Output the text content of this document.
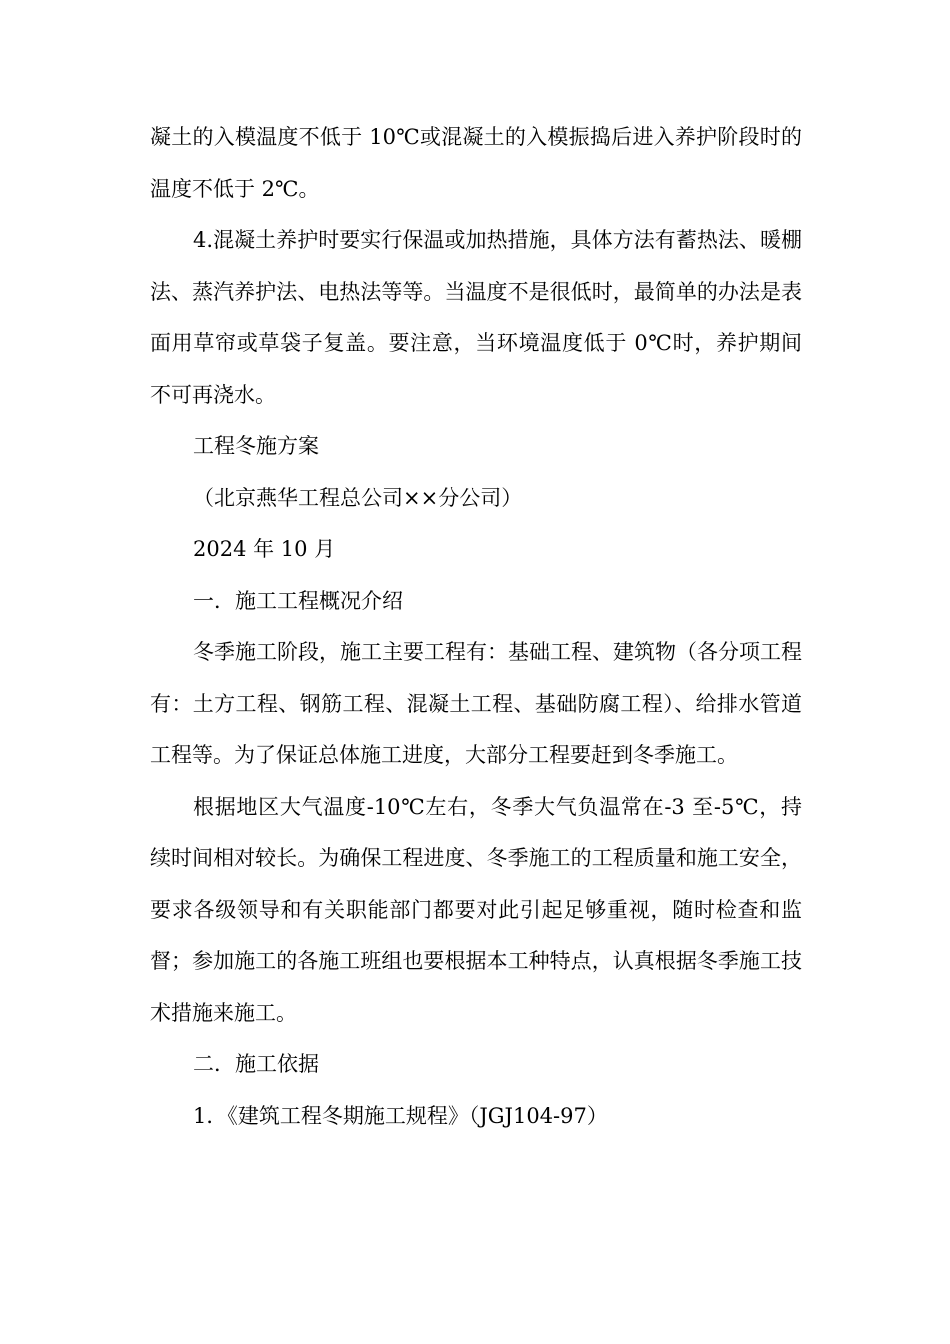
凝土的入模温度不低于 10℃或混凝土的入模振捣后进入养护阶段时的温度不低于 2℃。

4.混凝土养护时要实行保温或加热措施，具体方法有蓄热法、暖棚法、蒸汽养护法、电热法等等。当温度不是很低时，最简单的办法是表面用草帘或草袋子复盖。要注意，当环境温度低于 0℃时，养护期间不可再浇水。

工程冬施方案

（北京燕华工程总公司××分公司）

2024 年 10 月

一．施工工程概况介绍

冬季施工阶段，施工主要工程有：基础工程、建筑物（各分项工程有：土方工程、钢筋工程、混凝土工程、基础防腐工程）、给排水管道工程等。为了保证总体施工进度，大部分工程要赶到冬季施工。

根据地区大气温度-10℃左右，冬季大气负温常在-3 至-5℃，持续时间相对较长。为确保工程进度、冬季施工的工程质量和施工安全，要求各级领导和有关职能部门都要对此引起足够重视，随时检查和监督；参加施工的各施工班组也要根据本工种特点，认真根据冬季施工技术措施来施工。

二．施工依据

1．《建筑工程冬期施工规程》（JGJ104-97）
